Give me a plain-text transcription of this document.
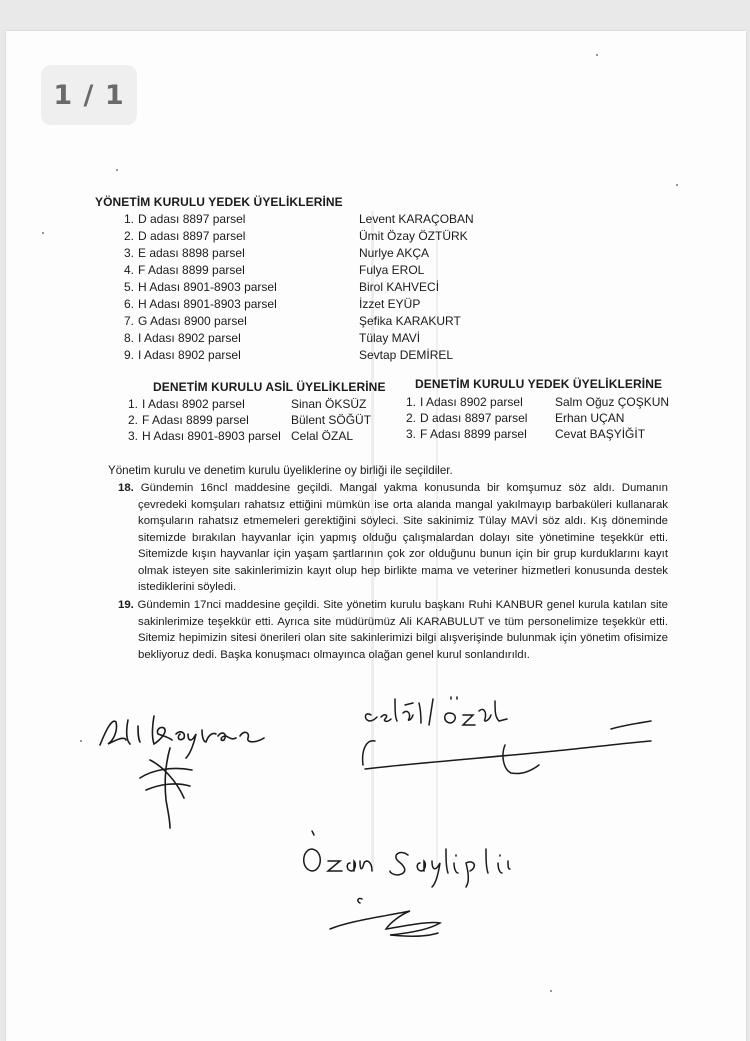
1 / 1
YÖNETİM KURULU YEDEK ÜYELİKLERİNE
1. D adası 8897 parsel	Levent KARAÇOBAN
2. D adası 8897 parsel	Ümit Özay ÖZTÜRK
3. E adası 8898 parsel	Nurlye AKÇA
4. F Adası 8899 parsel	Fulya EROL
5. H Adası 8901-8903 parsel	Birol KAHVECİ
6. H Adası 8901-8903 parsel	İzzet EYÜP
7. G Adası 8900 parsel	Şefika KARAKURT
8. I Adası 8902 parsel	Tülay MAVİ
9. I Adası 8902 parsel	Sevtap DEMİREL
DENETİM KURULU ASİL ÜYELİKLERİNE
1. I Adası 8902 parsel	Sinan ÖKSÜZ
2. F Adası 8899 parsel	Bülent SÖĞÜT
3. H Adası 8901-8903 parsel Celal ÖZAL
DENETİM KURULU YEDEK ÜYELİKLERİNE
1. I Adası 8902 parsel	Salm Oğuz ÇOŞKUN
2. D adası 8897 parsel Erhan UÇAN
3. F Adası 8899 parsel Cevat BAŞYİĞİT
Yönetim kurulu ve denetim kurulu üyeliklerine oy birliği ile seçildiler.
18. Gündemin 16ncl maddesine geçildi. Mangal yakma konusunda bir komşumuz söz aldı. Dumanın çevredeki komşuları rahatsız ettiğini mümkün ise orta alanda mangal yakılmayıp barbaküleri kullanarak komşuların rahatsız etmemeleri gerektiğini söyleci. Site sakinimiz Tülay MAVİ söz aldı. Kış döneminde sitemizde bırakılan hayvanlar için yapmış olduğu çalışmalardan dolayı site yönetimine teşekkür etti. Sitemizde kışın hayvanlar için yaşam şartlarının çok zor olduğunu bunun için bir grup kurduklarını kayıt olmak isteyen site sakinlerimizin kayıt olup hep birlikte mama ve veteriner hizmetleri konusunda destek istediklerini söyledi.
19. Gündemin 17nci maddesine geçildi. Site yönetim kurulu başkanı Ruhi KANBUR genel kurula katılan site sakinlerimize teşekkür etti. Ayrıca site müdürümüz Ali KARABULUT ve tüm personelimize teşekkür etti. Sitemiz hepimizin sitesi önerileri olan site sakinlerimizi bilgi alışverişinde bulunmak için yönetim ofisimize bekliyoruz dedi. Başka konuşmacı olmayınca olağan genel kurul sonlandırıldı.
